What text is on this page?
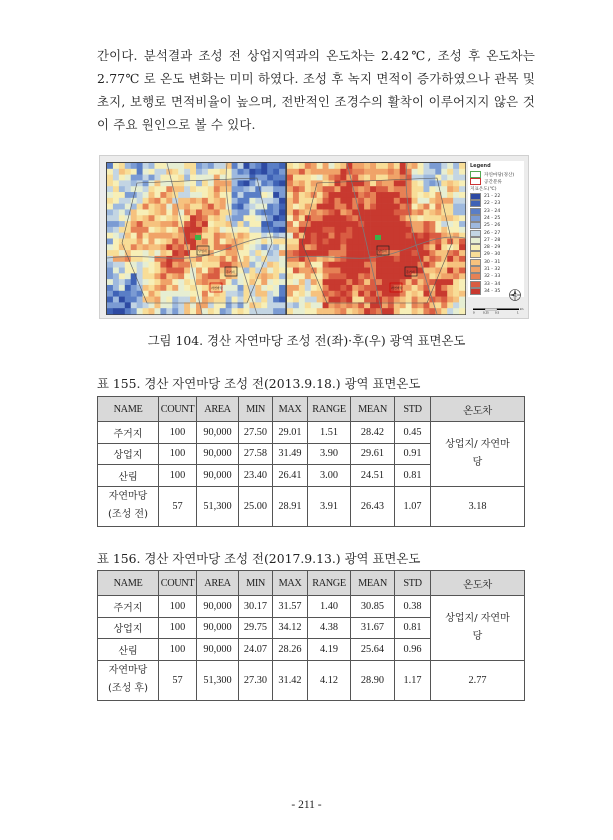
간이다. 분석결과 조성 전 상업지역과의 온도차는 2.42℃, 조성 후 온도차는 2.77℃ 로 온도 변화는 미미 하였다. 조성 후 녹지 면적이 증가하였으나 관목 및 초지, 보행로 면적비율이 높으며, 전반적인 조경수의 활착이 이루어지지 않은 것이 주요 원인으로 볼 수 있다.

상업지
주거지
자연마당
상업지
주거지
자연마당
Legend
자연마당(경산)
공간분류
지표온도(℃)
21 - 22
22 - 23
23 - 24
24 - 25
25 - 26
26 - 27
27 - 28
28 - 29
29 - 30
30 - 31
31 - 32
32 - 33
33 - 34
34 - 35
0	0.25 0.5	1
km

그림 104. 경산 자연마당 조성 전(좌)·후(우) 광역 표면온도

표 155. 경산 자연마당 조성 전(2013.9.18.) 광역 표면온도

NAME	COUNT	AREA	MIN	MAX	RANGE	MEAN	STD	온도차
주거지	100	90,000	27.50	29.01	1.51	28.42	0.45	상업지/ 자연마당
상업지	100	90,000	27.58	31.49	3.90	29.61	0.91	
산림	100	90,000	23.40	26.41	3.00	24.51	0.81	
자연마당
(조성 전)	57	51,300	25.00	28.91	3.91	26.43	1.07	3.18

표 156. 경산 자연마당 조성 전(2017.9.13.) 광역 표면온도

NAME	COUNT	AREA	MIN	MAX	RANGE	MEAN	STD	온도차
주거지	100	90,000	30.17	31.57	1.40	30.85	0.38	상업지/ 자연마당
상업지	100	90,000	29.75	34.12	4.38	31.67	0.81	
산림	100	90,000	24.07	28.26	4.19	25.64	0.96	
자연마당
(조성 후)	57	51,300	27.30	31.42	4.12	28.90	1.17	2.77

- 211 -
